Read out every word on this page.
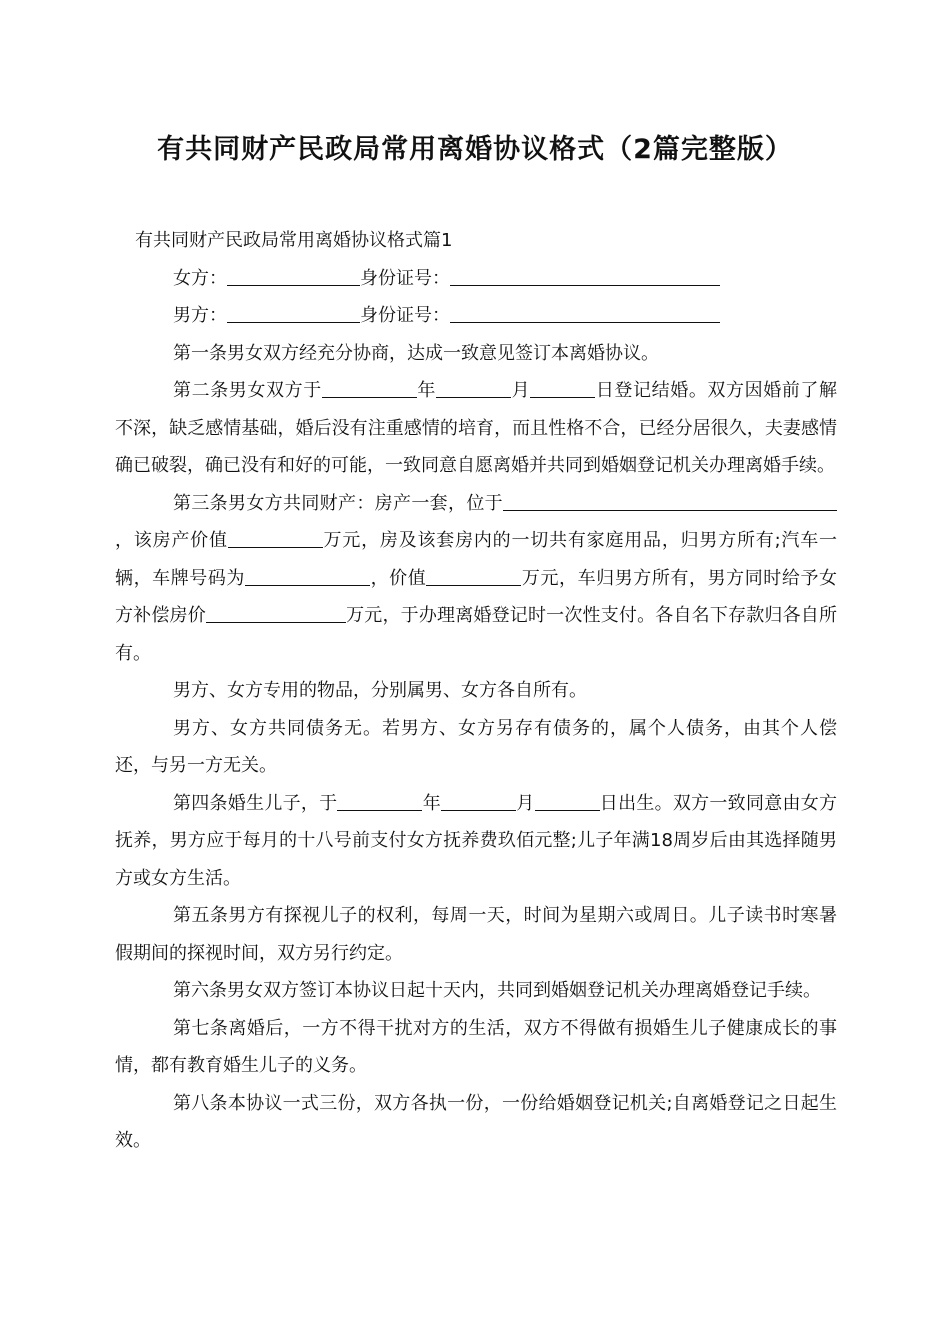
有共同财产民政局常用离婚协议格式（2篇完整版）

有共同财产民政局常用离婚协议格式篇1

女方：	身份证号：

男方：	身份证号：

第一条男女双方经充分协商，达成一致意见签订本离婚协议。

第二条男女双方于	年	月	日登记结婚。双方因婚前了解不深，缺乏感情基础，婚后没有注重感情的培育，而且性格不合，已经分居很久，夫妻感情确已破裂，确已没有和好的可能，一致同意自愿离婚并共同到婚姻登记机关办理离婚手续。

第三条男女方共同财产：房产一套，位于，该房产价值	万元，房及该套房内的一切共有家庭用品，归男方所有;汽车一辆，车牌号码为	，价值	万元，车归男方所有，男方同时给予女方补偿房价	万元，于办理离婚登记时一次性支付。各自名下存款归各自所有。

男方、女方专用的物品，分别属男、女方各自所有。

男方、女方共同债务无。若男方、女方另存有债务的，属个人债务，由其个人偿还，与另一方无关。

第四条婚生儿子，于	年	月	日出生。双方一致同意由女方抚养，男方应于每月的十八号前支付女方抚养费玖佰元整;儿子年满18周岁后由其选择随男方或女方生活。

第五条男方有探视儿子的权利，每周一天，时间为星期六或周日。儿子读书时寒暑假期间的探视时间，双方另行约定。

第六条男女双方签订本协议日起十天内，共同到婚姻登记机关办理离婚登记手续。

第七条离婚后，一方不得干扰对方的生活，双方不得做有损婚生儿子健康成长的事情，都有教育婚生儿子的义务。

第八条本协议一式三份，双方各执一份，一份给婚姻登记机关;自离婚登记之日起生效。
